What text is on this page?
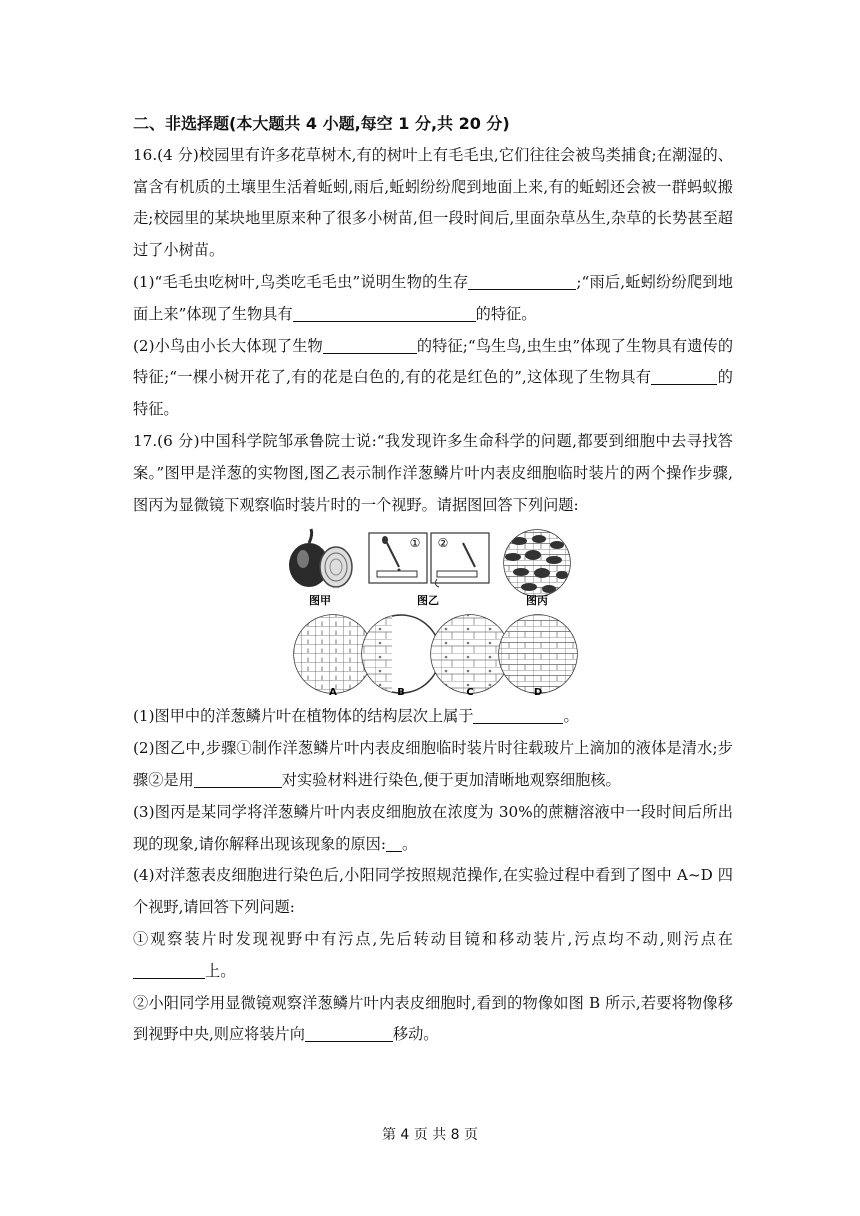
二、非选择题(本大题共 4 小题,每空 1 分,共 20 分)

16.(4 分)校园里有许多花草树木,有的树叶上有毛毛虫,它们往往会被鸟类捕食;在潮湿的、富含有机质的土壤里生活着蚯蚓,雨后,蚯蚓纷纷爬到地面上来,有的蚯蚓还会被一群蚂蚁搬走;校园里的某块地里原来种了很多小树苗,但一段时间后,里面杂草丛生,杂草的长势甚至超过了小树苗。

(1)“毛毛虫吃树叶,鸟类吃毛毛虫”说明生物的生存	;“雨后,蚯蚓纷纷爬到地面上来”体现了生物具有	的特征。

(2)小鸟由小长大体现了生物	的特征;“鸟生鸟,虫生虫”体现了生物具有遗传的特征;“一棵小树开花了,有的花是白色的,有的花是红色的”,这体现了生物具有	的特征。

17.(6 分)中国科学院邹承鲁院士说:“我发现许多生命科学的问题,都要到细胞中去寻找答案。”图甲是洋葱的实物图,图乙表示制作洋葱鳞片叶内表皮细胞临时装片的两个操作步骤,图丙为显微镜下观察临时装片时的一个视野。请据图回答下列问题:

图甲
① ②
图乙	图丙
A	B	C	D

(1)图甲中的洋葱鳞片叶在植物体的结构层次上属于	。

(2)图乙中,步骤①制作洋葱鳞片叶内表皮细胞临时装片时往载玻片上滴加的液体是清水;步骤②是用	对实验材料进行染色,便于更加清晰地观察细胞核。

(3)图丙是某同学将洋葱鳞片叶内表皮细胞放在浓度为 30%的蔗糖溶液中一段时间后所出现的现象,请你解释出现该现象的原因: 。

(4)对洋葱表皮细胞进行染色后,小阳同学按照规范操作,在实验过程中看到了图中 A~D 四个视野,请回答下列问题:

①观察装片时发现视野中有污点,先后转动目镜和移动装片,污点均不动,则污点在上。

②小阳同学用显微镜观察洋葱鳞片叶内表皮细胞时,看到的物像如图 B 所示,若要将物像移到视野中央,则应将装片向	移动。

第 4 页 共 8 页
